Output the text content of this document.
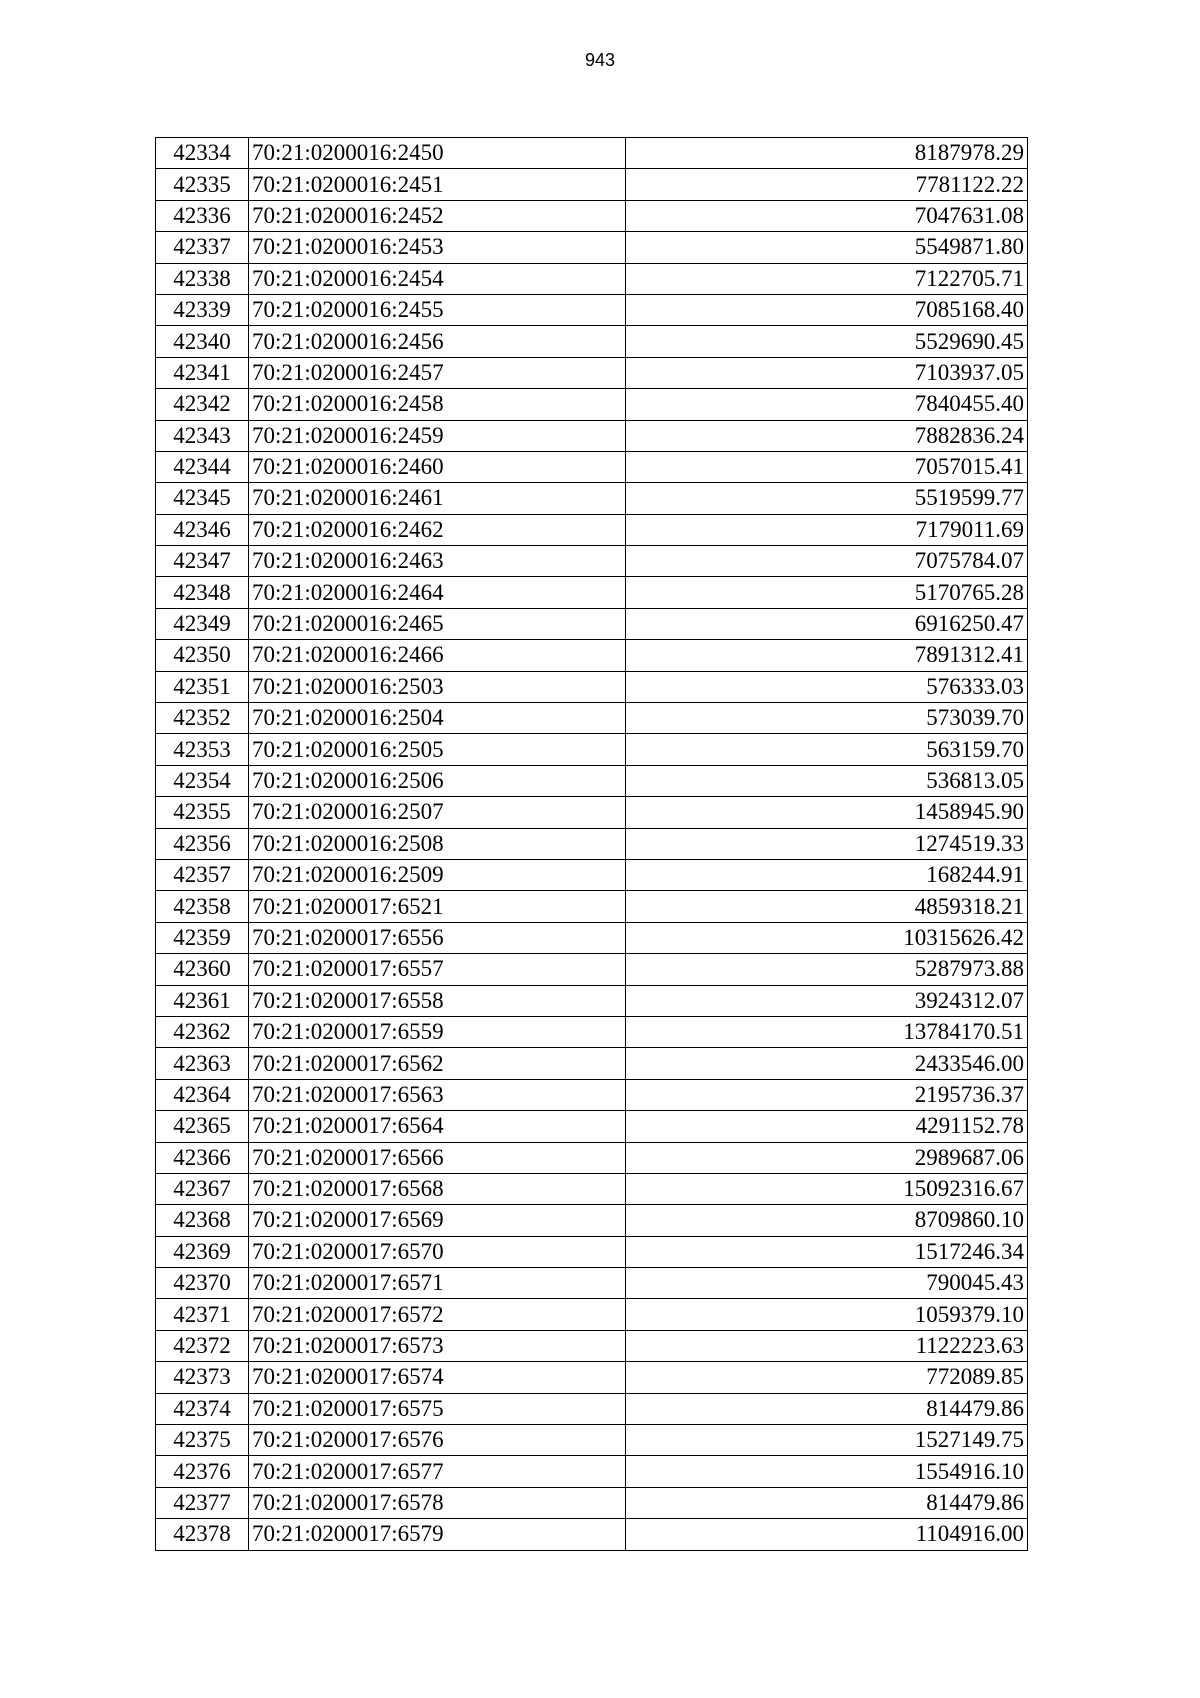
943
42334	70:21:0200016:2450	8187978.29
42335	70:21:0200016:2451	7781122.22
42336	70:21:0200016:2452	7047631.08
42337	70:21:0200016:2453	5549871.80
42338	70:21:0200016:2454	7122705.71
42339	70:21:0200016:2455	7085168.40
42340	70:21:0200016:2456	5529690.45
42341	70:21:0200016:2457	7103937.05
42342	70:21:0200016:2458	7840455.40
42343	70:21:0200016:2459	7882836.24
42344	70:21:0200016:2460	7057015.41
42345	70:21:0200016:2461	5519599.77
42346	70:21:0200016:2462	7179011.69
42347	70:21:0200016:2463	7075784.07
42348	70:21:0200016:2464	5170765.28
42349	70:21:0200016:2465	6916250.47
42350	70:21:0200016:2466	7891312.41
42351	70:21:0200016:2503	576333.03
42352	70:21:0200016:2504	573039.70
42353	70:21:0200016:2505	563159.70
42354	70:21:0200016:2506	536813.05
42355	70:21:0200016:2507	1458945.90
42356	70:21:0200016:2508	1274519.33
42357	70:21:0200016:2509	168244.91
42358	70:21:0200017:6521	4859318.21
42359	70:21:0200017:6556	10315626.42
42360	70:21:0200017:6557	5287973.88
42361	70:21:0200017:6558	3924312.07
42362	70:21:0200017:6559	13784170.51
42363	70:21:0200017:6562	2433546.00
42364	70:21:0200017:6563	2195736.37
42365	70:21:0200017:6564	4291152.78
42366	70:21:0200017:6566	2989687.06
42367	70:21:0200017:6568	15092316.67
42368	70:21:0200017:6569	8709860.10
42369	70:21:0200017:6570	1517246.34
42370	70:21:0200017:6571	790045.43
42371	70:21:0200017:6572	1059379.10
42372	70:21:0200017:6573	1122223.63
42373	70:21:0200017:6574	772089.85
42374	70:21:0200017:6575	814479.86
42375	70:21:0200017:6576	1527149.75
42376	70:21:0200017:6577	1554916.10
42377	70:21:0200017:6578	814479.86
42378	70:21:0200017:6579	1104916.00
